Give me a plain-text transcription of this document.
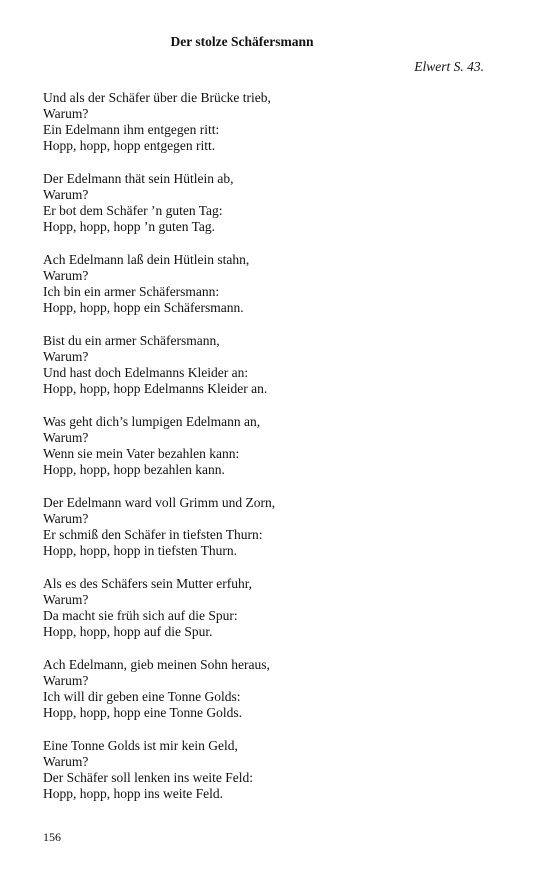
Der stolze Schäfersmann
Elwert S. 43.
Und als der Schäfer über die Brücke trieb,
Warum?
Ein Edelmann ihm entgegen ritt:
Hopp, hopp, hopp entgegen ritt.
Der Edelmann thät sein Hütlein ab,
Warum?
Er bot dem Schäfer ’n guten Tag:
Hopp, hopp, hopp ’n guten Tag.
Ach Edelmann laß dein Hütlein stahn,
Warum?
Ich bin ein armer Schäfersmann:
Hopp, hopp, hopp ein Schäfersmann.
Bist du ein armer Schäfersmann,
Warum?
Und hast doch Edelmanns Kleider an:
Hopp, hopp, hopp Edelmanns Kleider an.
Was geht dich’s lumpigen Edelmann an,
Warum?
Wenn sie mein Vater bezahlen kann:
Hopp, hopp, hopp bezahlen kann.
Der Edelmann ward voll Grimm und Zorn,
Warum?
Er schmiß den Schäfer in tiefsten Thurn:
Hopp, hopp, hopp in tiefsten Thurn.
Als es des Schäfers sein Mutter erfuhr,
Warum?
Da macht sie früh sich auf die Spur:
Hopp, hopp, hopp auf die Spur.
Ach Edelmann, gieb meinen Sohn heraus,
Warum?
Ich will dir geben eine Tonne Golds:
Hopp, hopp, hopp eine Tonne Golds.
Eine Tonne Golds ist mir kein Geld,
Warum?
Der Schäfer soll lenken ins weite Feld:
Hopp, hopp, hopp ins weite Feld.
156
